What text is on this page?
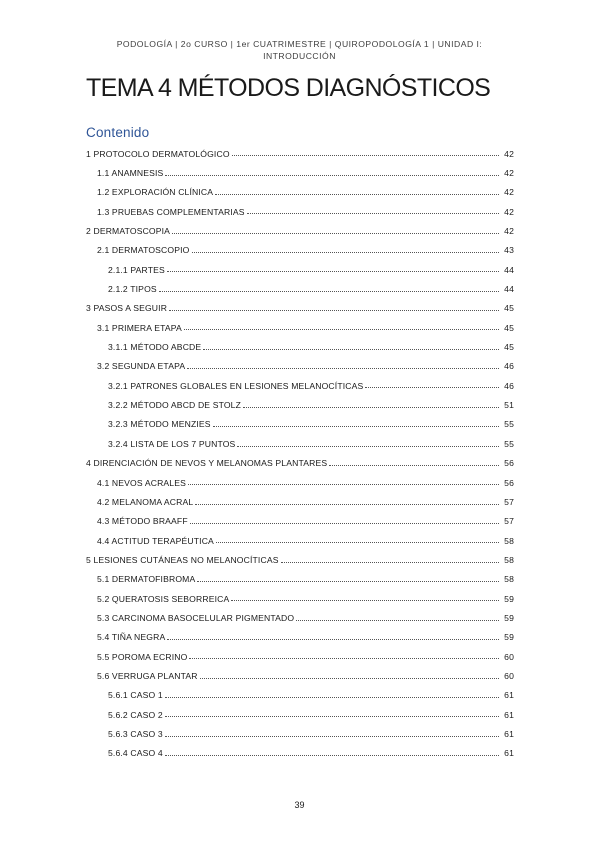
PODOLOGÍA | 2o CURSO | 1er CUATRIMESTRE | QUIROPODOLOGÍA 1 | UNIDAD I:
INTRODUCCIÓN
TEMA 4 MÉTODOS DIAGNÓSTICOS
Contenido
1 PROTOCOLO DERMATOLÓGICO	42
1.1 ANAMNESIS	42
1.2 EXPLORACIÓN CLÍNICA	42
1.3 PRUEBAS COMPLEMENTARIAS	42
2 DERMATOSCOPIA	42
2.1 DERMATOSCOPIO	43
2.1.1 PARTES	44
2.1.2 TIPOS	44
3 PASOS A SEGUIR	45
3.1 PRIMERA ETAPA	45
3.1.1 MÉTODO ABCDE	45
3.2 SEGUNDA ETAPA	46
3.2.1 PATRONES GLOBALES EN LESIONES MELANOCÍTICAS	46
3.2.2 MÉTODO ABCD DE STOLZ	51
3.2.3 MÉTODO MENZIES	55
3.2.4 LISTA DE LOS 7 PUNTOS	55
4 DIRENCIACIÓN DE NEVOS Y MELANOMAS PLANTARES	56
4.1 NEVOS ACRALES	56
4.2 MELANOMA ACRAL	57
4.3 MÉTODO BRAAFF	57
4.4 ACTITUD TERAPÉUTICA	58
5 LESIONES CUTÁNEAS NO MELANOCÍTICAS	58
5.1 DERMATOFIBROMA	58
5.2 QUERATOSIS SEBORREICA	59
5.3 CARCINOMA BASOCELULAR PIGMENTADO	59
5.4 TIÑA NEGRA	59
5.5 POROMA ECRINO	60
5.6 VERRUGA PLANTAR	60
5.6.1 CASO 1	61
5.6.2 CASO 2	61
5.6.3 CASO 3	61
5.6.4 CASO 4	61
39
